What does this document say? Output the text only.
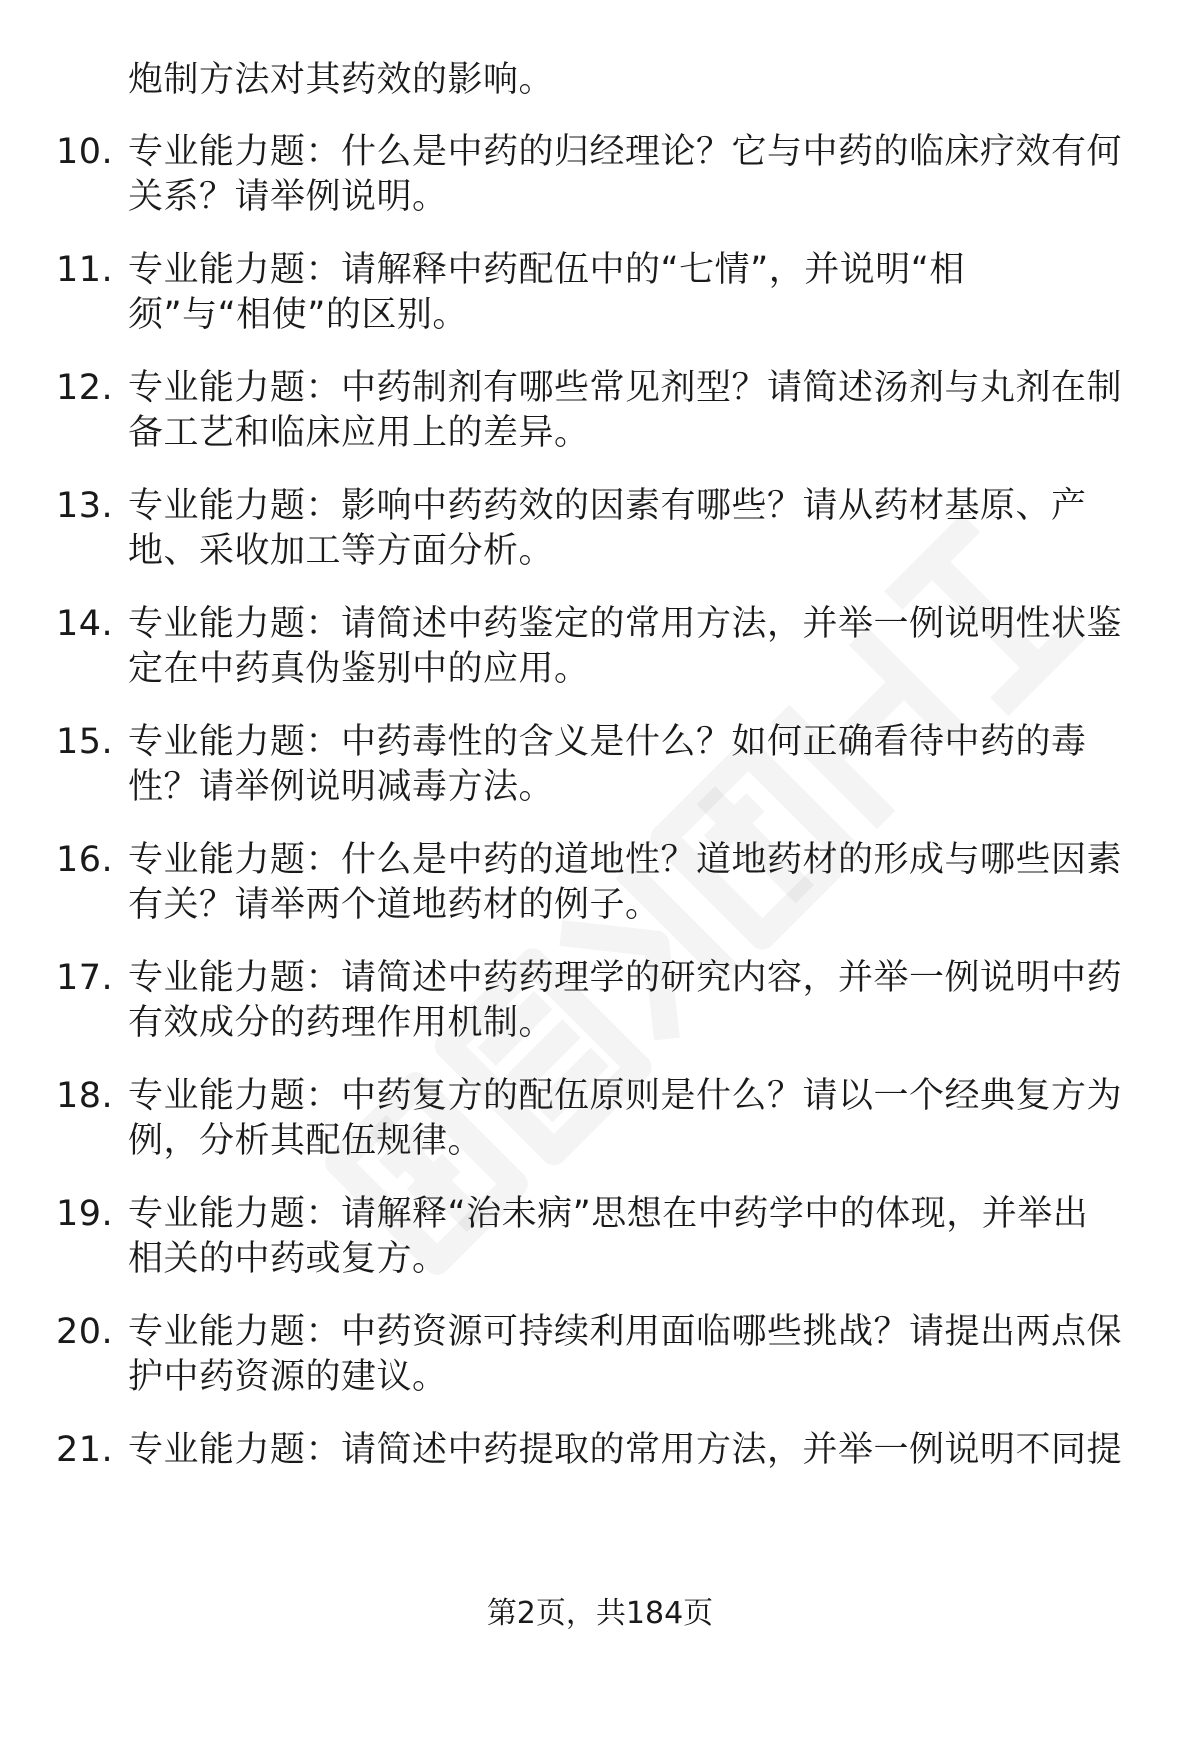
炮制方法对其药效的影响。
10. 专业能力题：什么是中药的归经理论？它与中药的临床疗效有何
关系？请举例说明。
11. 专业能力题：请解释中药配伍中的“七情”，并说明“相
须”与“相使”的区别。
12. 专业能力题：中药制剂有哪些常见剂型？请简述汤剂与丸剂在制
备工艺和临床应用上的差异。
13. 专业能力题：影响中药药效的因素有哪些？请从药材基原、产
地、采收加工等方面分析。
14. 专业能力题：请简述中药鉴定的常用方法，并举一例说明性状鉴
定在中药真伪鉴别中的应用。
15. 专业能力题：中药毒性的含义是什么？如何正确看待中药的毒
性？请举例说明减毒方法。
16. 专业能力题：什么是中药的道地性？道地药材的形成与哪些因素
有关？请举两个道地药材的例子。
17. 专业能力题：请简述中药药理学的研究内容，并举一例说明中药
有效成分的药理作用机制。
18. 专业能力题：中药复方的配伍原则是什么？请以一个经典复方为
例，分析其配伍规律。
19. 专业能力题：请解释“治未病”思想在中药学中的体现，并举出
相关的中药或复方。
20. 专业能力题：中药资源可持续利用面临哪些挑战？请提出两点保
护中药资源的建议。
21. 专业能力题：请简述中药提取的常用方法，并举一例说明不同提
第2页，共184页
